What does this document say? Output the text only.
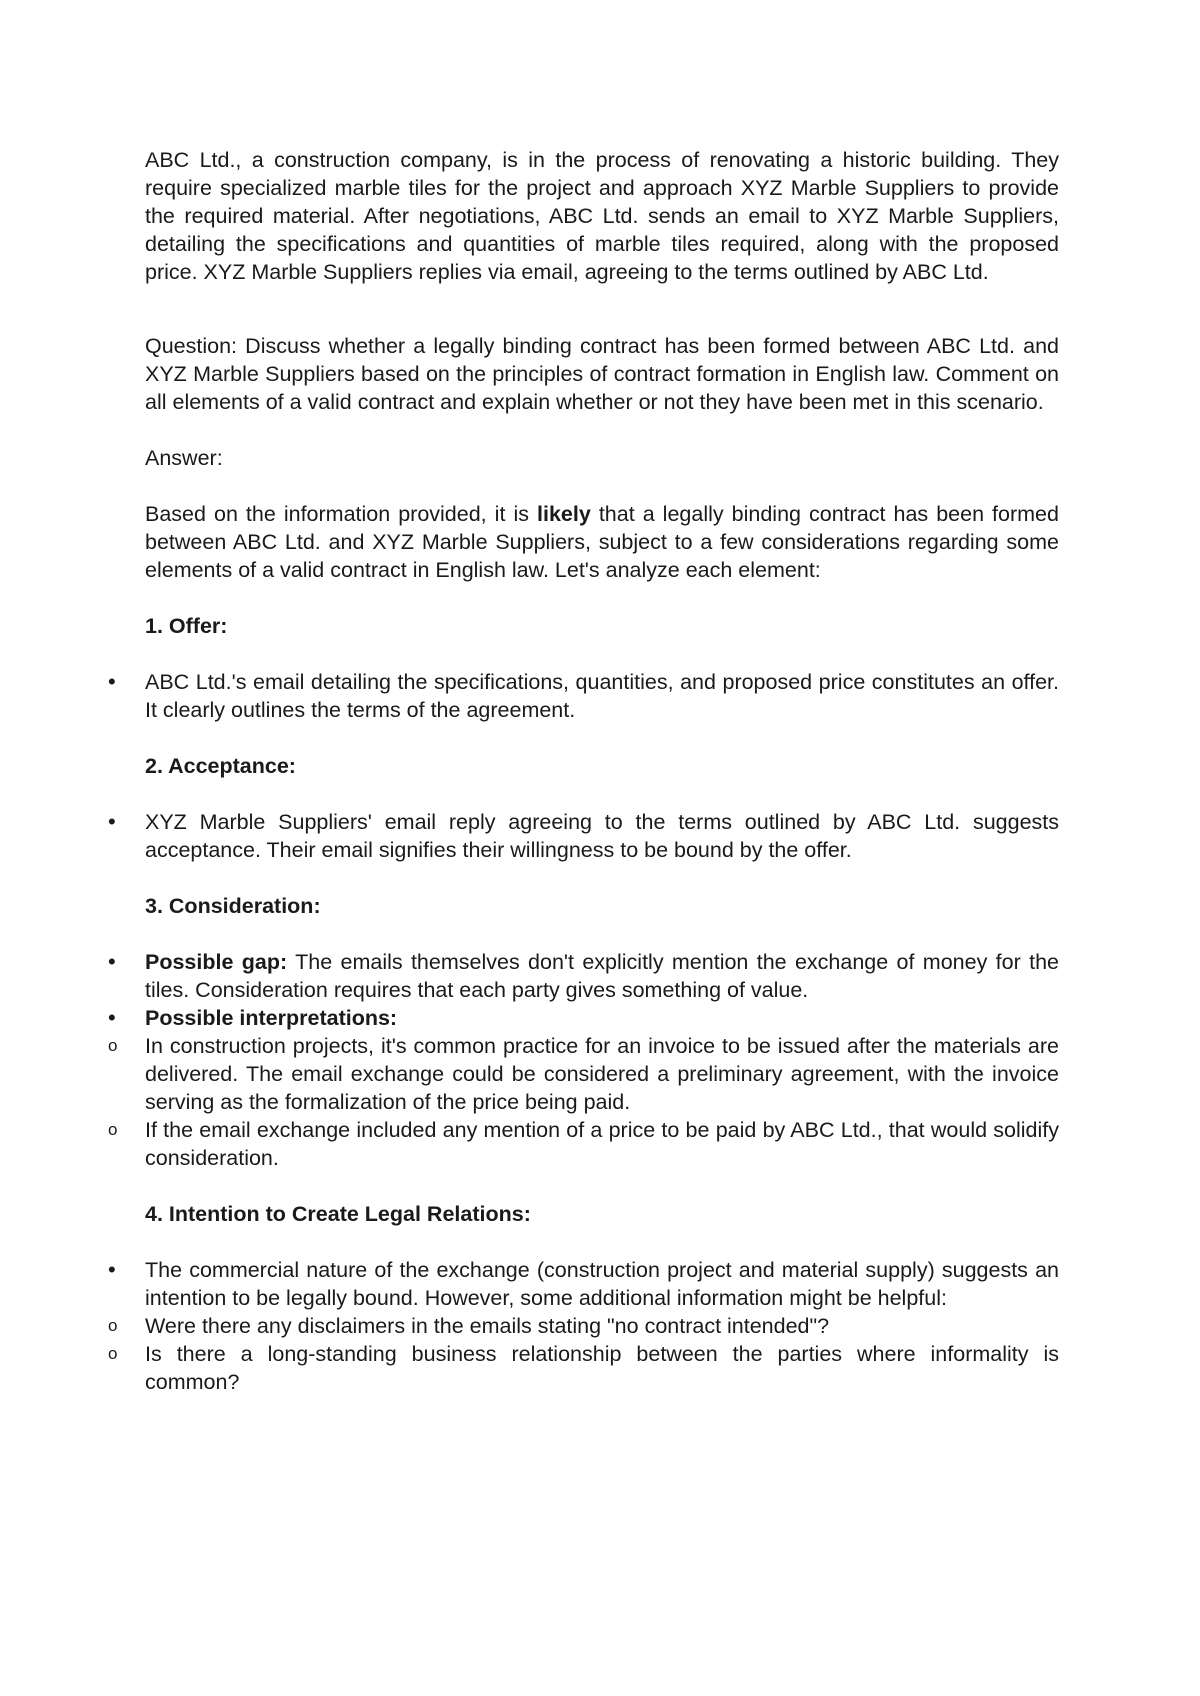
ABC Ltd., a construction company, is in the process of renovating a historic building. They require specialized marble tiles for the project and approach XYZ Marble Suppliers to provide the required material. After negotiations, ABC Ltd. sends an email to XYZ Marble Suppliers, detailing the specifications and quantities of marble tiles required, along with the proposed price. XYZ Marble Suppliers replies via email, agreeing to the terms outlined by ABC Ltd.

Question: Discuss whether a legally binding contract has been formed between ABC Ltd. and XYZ Marble Suppliers based on the principles of contract formation in English law. Comment on all elements of a valid contract and explain whether or not they have been met in this scenario.

Answer:

Based on the information provided, it is likely that a legally binding contract has been formed between ABC Ltd. and XYZ Marble Suppliers, subject to a few considerations regarding some elements of a valid contract in English law. Let's analyze each element:

1. Offer:
•	ABC Ltd.'s email detailing the specifications, quantities, and proposed price constitutes an offer. It clearly outlines the terms of the agreement.
2. Acceptance:
•	XYZ Marble Suppliers' email reply agreeing to the terms outlined by ABC Ltd. suggests acceptance. Their email signifies their willingness to be bound by the offer.
3. Consideration:
•	Possible gap: The emails themselves don't explicitly mention the exchange of money for the tiles. Consideration requires that each party gives something of value.
•	Possible interpretations:
o	In construction projects, it's common practice for an invoice to be issued after the materials are delivered. The email exchange could be considered a preliminary agreement, with the invoice serving as the formalization of the price being paid.
o	If the email exchange included any mention of a price to be paid by ABC Ltd., that would solidify consideration.
4. Intention to Create Legal Relations:
•	The commercial nature of the exchange (construction project and material supply) suggests an intention to be legally bound. However, some additional information might be helpful:
o	Were there any disclaimers in the emails stating "no contract intended"?
o	Is there a long-standing business relationship between the parties where informality is common?
